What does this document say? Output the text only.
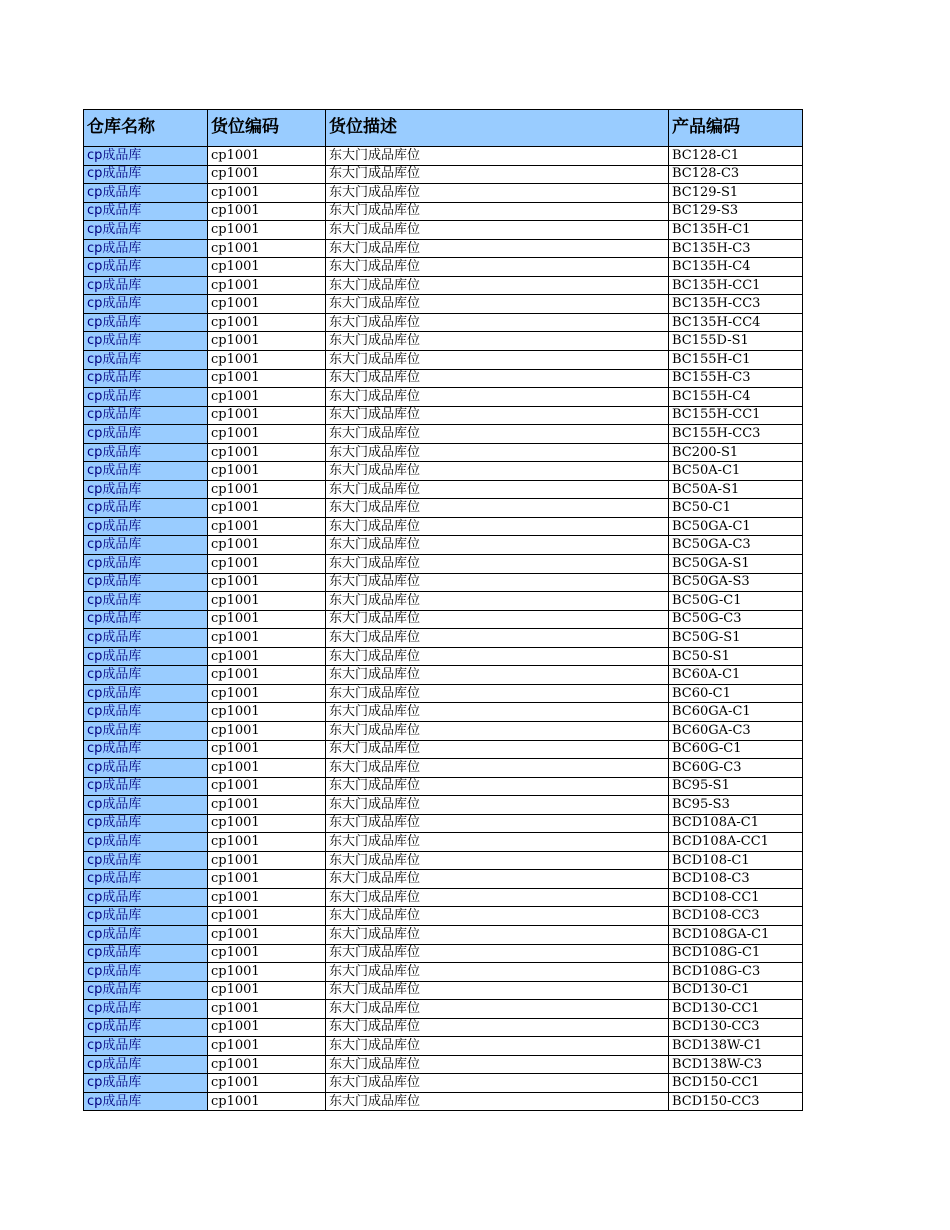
仓库名称	货位编码	货位描述	产品编码
cp成品库	cp1001	东大门成品库位	BC128-C1
cp成品库	cp1001	东大门成品库位	BC128-C3
cp成品库	cp1001	东大门成品库位	BC129-S1
cp成品库	cp1001	东大门成品库位	BC129-S3
cp成品库	cp1001	东大门成品库位	BC135H-C1
cp成品库	cp1001	东大门成品库位	BC135H-C3
cp成品库	cp1001	东大门成品库位	BC135H-C4
cp成品库	cp1001	东大门成品库位	BC135H-CC1
cp成品库	cp1001	东大门成品库位	BC135H-CC3
cp成品库	cp1001	东大门成品库位	BC135H-CC4
cp成品库	cp1001	东大门成品库位	BC155D-S1
cp成品库	cp1001	东大门成品库位	BC155H-C1
cp成品库	cp1001	东大门成品库位	BC155H-C3
cp成品库	cp1001	东大门成品库位	BC155H-C4
cp成品库	cp1001	东大门成品库位	BC155H-CC1
cp成品库	cp1001	东大门成品库位	BC155H-CC3
cp成品库	cp1001	东大门成品库位	BC200-S1
cp成品库	cp1001	东大门成品库位	BC50A-C1
cp成品库	cp1001	东大门成品库位	BC50A-S1
cp成品库	cp1001	东大门成品库位	BC50-C1
cp成品库	cp1001	东大门成品库位	BC50GA-C1
cp成品库	cp1001	东大门成品库位	BC50GA-C3
cp成品库	cp1001	东大门成品库位	BC50GA-S1
cp成品库	cp1001	东大门成品库位	BC50GA-S3
cp成品库	cp1001	东大门成品库位	BC50G-C1
cp成品库	cp1001	东大门成品库位	BC50G-C3
cp成品库	cp1001	东大门成品库位	BC50G-S1
cp成品库	cp1001	东大门成品库位	BC50-S1
cp成品库	cp1001	东大门成品库位	BC60A-C1
cp成品库	cp1001	东大门成品库位	BC60-C1
cp成品库	cp1001	东大门成品库位	BC60GA-C1
cp成品库	cp1001	东大门成品库位	BC60GA-C3
cp成品库	cp1001	东大门成品库位	BC60G-C1
cp成品库	cp1001	东大门成品库位	BC60G-C3
cp成品库	cp1001	东大门成品库位	BC95-S1
cp成品库	cp1001	东大门成品库位	BC95-S3
cp成品库	cp1001	东大门成品库位	BCD108A-C1
cp成品库	cp1001	东大门成品库位	BCD108A-CC1
cp成品库	cp1001	东大门成品库位	BCD108-C1
cp成品库	cp1001	东大门成品库位	BCD108-C3
cp成品库	cp1001	东大门成品库位	BCD108-CC1
cp成品库	cp1001	东大门成品库位	BCD108-CC3
cp成品库	cp1001	东大门成品库位	BCD108GA-C1
cp成品库	cp1001	东大门成品库位	BCD108G-C1
cp成品库	cp1001	东大门成品库位	BCD108G-C3
cp成品库	cp1001	东大门成品库位	BCD130-C1
cp成品库	cp1001	东大门成品库位	BCD130-CC1
cp成品库	cp1001	东大门成品库位	BCD130-CC3
cp成品库	cp1001	东大门成品库位	BCD138W-C1
cp成品库	cp1001	东大门成品库位	BCD138W-C3
cp成品库	cp1001	东大门成品库位	BCD150-CC1
cp成品库	cp1001	东大门成品库位	BCD150-CC3
